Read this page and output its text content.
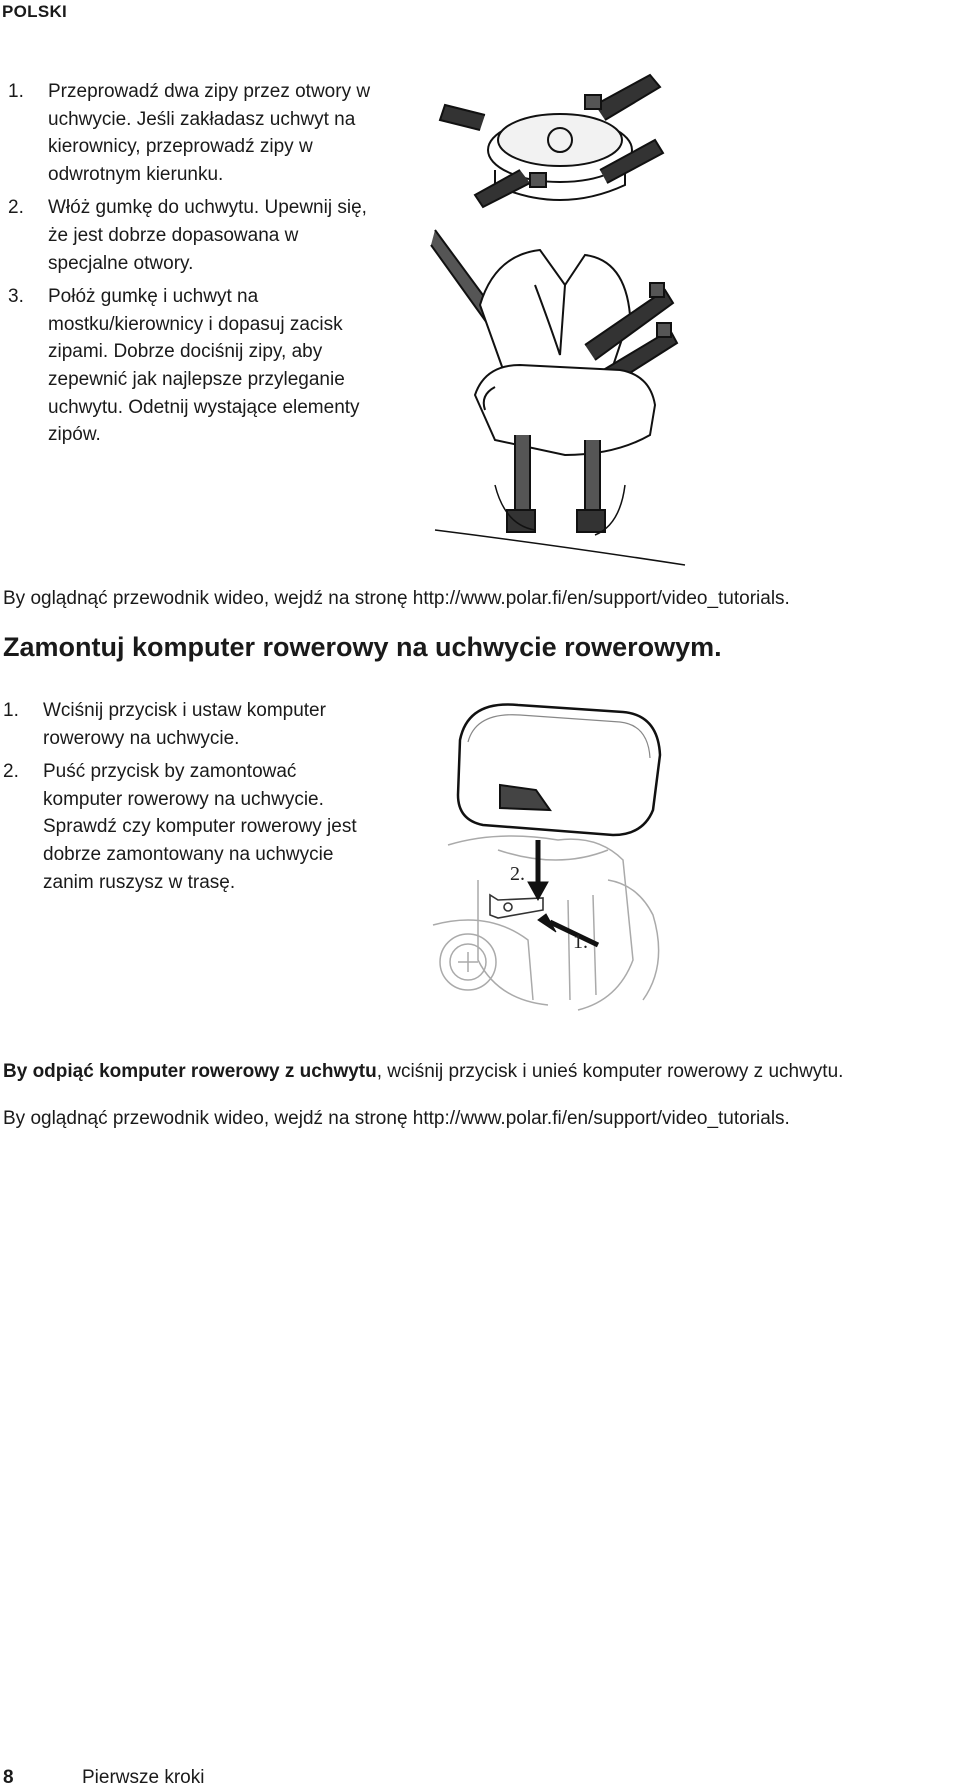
POLSKI
1.	Przeprowadź dwa zipy przez otwory w
uchwycie. Jeśli zakładasz uchwyt na
kierownicy, przeprowadź zipy w
odwrotnym kierunku.
2.	Włóż gumkę do uchwytu. Upewnij się,
że jest dobrze dopasowana w
specjalne otwory.
3.	Połóż gumkę i uchwyt na
mostku/kierownicy i dopasuj zacisk
zipami. Dobrze dociśnij zipy, aby
zepewnić jak najlepsze przyleganie
uchwytu. Odetnij wystające elementy
zipów.
By oglądnąć przewodnik wideo, wejdź na stronę http://www.polar.fi/en/support/video_tutorials.
Zamontuj komputer rowerowy na uchwycie rowerowym.
1.	Wciśnij przycisk i ustaw komputer
rowerowy na uchwycie.
2.	Puść przycisk by zamontować
komputer rowerowy na uchwycie.
Sprawdź czy komputer rowerowy jest
dobrze zamontowany na uchwycie
zanim ruszysz w trasę.	2.
1.
By odpiąć komputer rowerowy z uchwytu, wciśnij przycisk i unieś komputer rowerowy z uchwytu.
By oglądnąć przewodnik wideo, wejdź na stronę http://www.polar.fi/en/support/video_tutorials.
8	Pierwsze kroki
